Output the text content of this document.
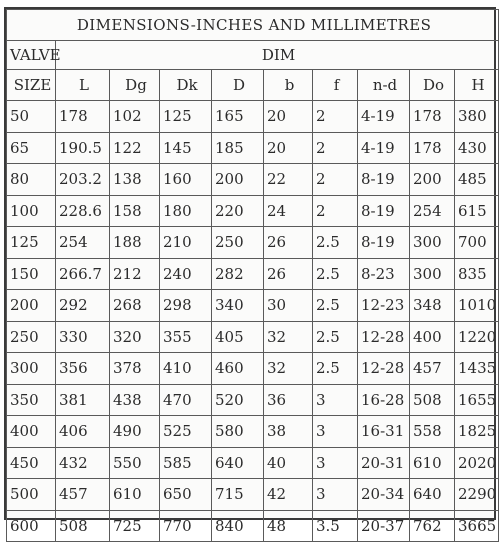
DIMENSIONS-INCHES AND MILLIMETRES									
VALVE	DIM								
SIZE	L	Dg	Dk	D	b	f	n-d	Do	H
50	178	102	125	165	20	2	4-19	178	380
65	190.5	122	145	185	20	2	4-19	178	430
80	203.2	138	160	200	22	2	8-19	200	485
100	228.6	158	180	220	24	2	8-19	254	615
125	254	188	210	250	26	2.5	8-19	300	700
150	266.7	212	240	282	26	2.5	8-23	300	835
200	292	268	298	340	30	2.5	12-23	348	1010
250	330	320	355	405	32	2.5	12-28	400	1220
300	356	378	410	460	32	2.5	12-28	457	1435
350	381	438	470	520	36	3	16-28	508	1655
400	406	490	525	580	38	3	16-31	558	1825
450	432	550	585	640	40	3	20-31	610	2020
500	457	610	650	715	42	3	20-34	640	2290
600	508	725	770	840	48	3.5	20-37	762	3665
